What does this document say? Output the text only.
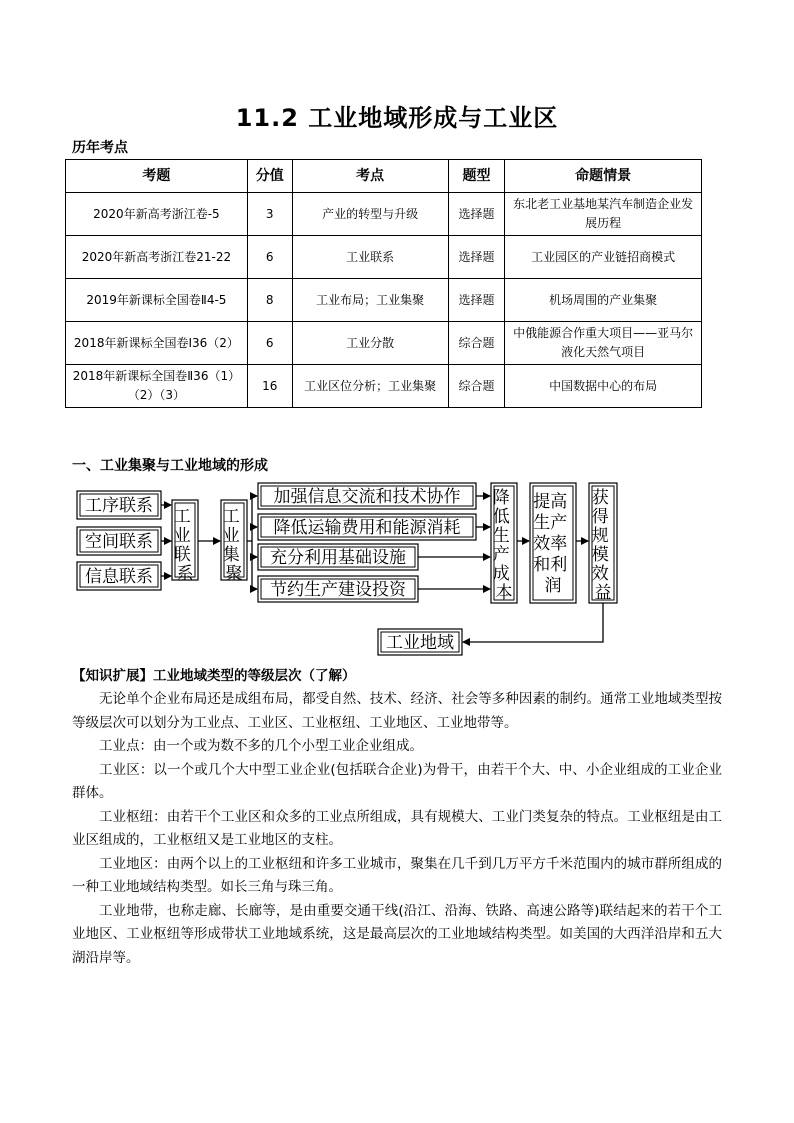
11.2 工业地域形成与工业区
历年考点
考题	分值	考点	题型	命题情景
2020年新高考浙江卷-5	3	产业的转型与升级	选择题	东北老工业基地某汽车制造企业发展历程
2020年新高考浙江卷21-22	6	工业联系	选择题	工业园区的产业链招商模式
2019年新课标全国卷Ⅱ4-5	8	工业布局；工业集聚	选择题	机场周围的产业集聚
2018年新课标全国卷Ⅰ36（2）	6	工业分散	综合题	中俄能源合作重大项目——亚马尔液化天然气项目
2018年新课标全国卷Ⅱ36（1）（2）（3）	16	工业区位分析；工业集聚	综合题	中国数据中心的布局
一、工业集聚与工业地域的形成
工序联系
空间联系
信息联系
工 业 联 系
工 业 集 聚
加强信息交流和技术协作
降低运输费用和能源消耗
充分利用基础设施
节约生产建设投资
降 低 生 产 成 本
提高 生产 效率 和利 润
获 得 规 模 效 益
工业地域
【知识扩展】工业地域类型的等级层次（了解）

无论单个企业布局还是成组布局，都受自然、技术、经济、社会等多种因素的制约。通常工业地域类型按等级层次可以划分为工业点、工业区、工业枢纽、工业地区、工业地带等。

工业点：由一个或为数不多的几个小型工业企业组成。

工业区：以一个或几个大中型工业企业(包括联合企业)为骨干，由若干个大、中、小企业组成的工业企业群体。

工业枢纽：由若干个工业区和众多的工业点所组成，具有规模大、工业门类复杂的特点。工业枢纽是由工业区组成的，工业枢纽又是工业地区的支柱。

工业地区：由两个以上的工业枢纽和许多工业城市，聚集在几千到几万平方千米范围内的城市群所组成的一种工业地域结构类型。如长三角与珠三角。

工业地带，也称走廊、长廊等，是由重要交通干线(沿江、沿海、铁路、高速公路等)联结起来的若干个工业地区、工业枢纽等形成带状工业地域系统，这是最高层次的工业地域结构类型。如美国的大西洋沿岸和五大湖沿岸等。
